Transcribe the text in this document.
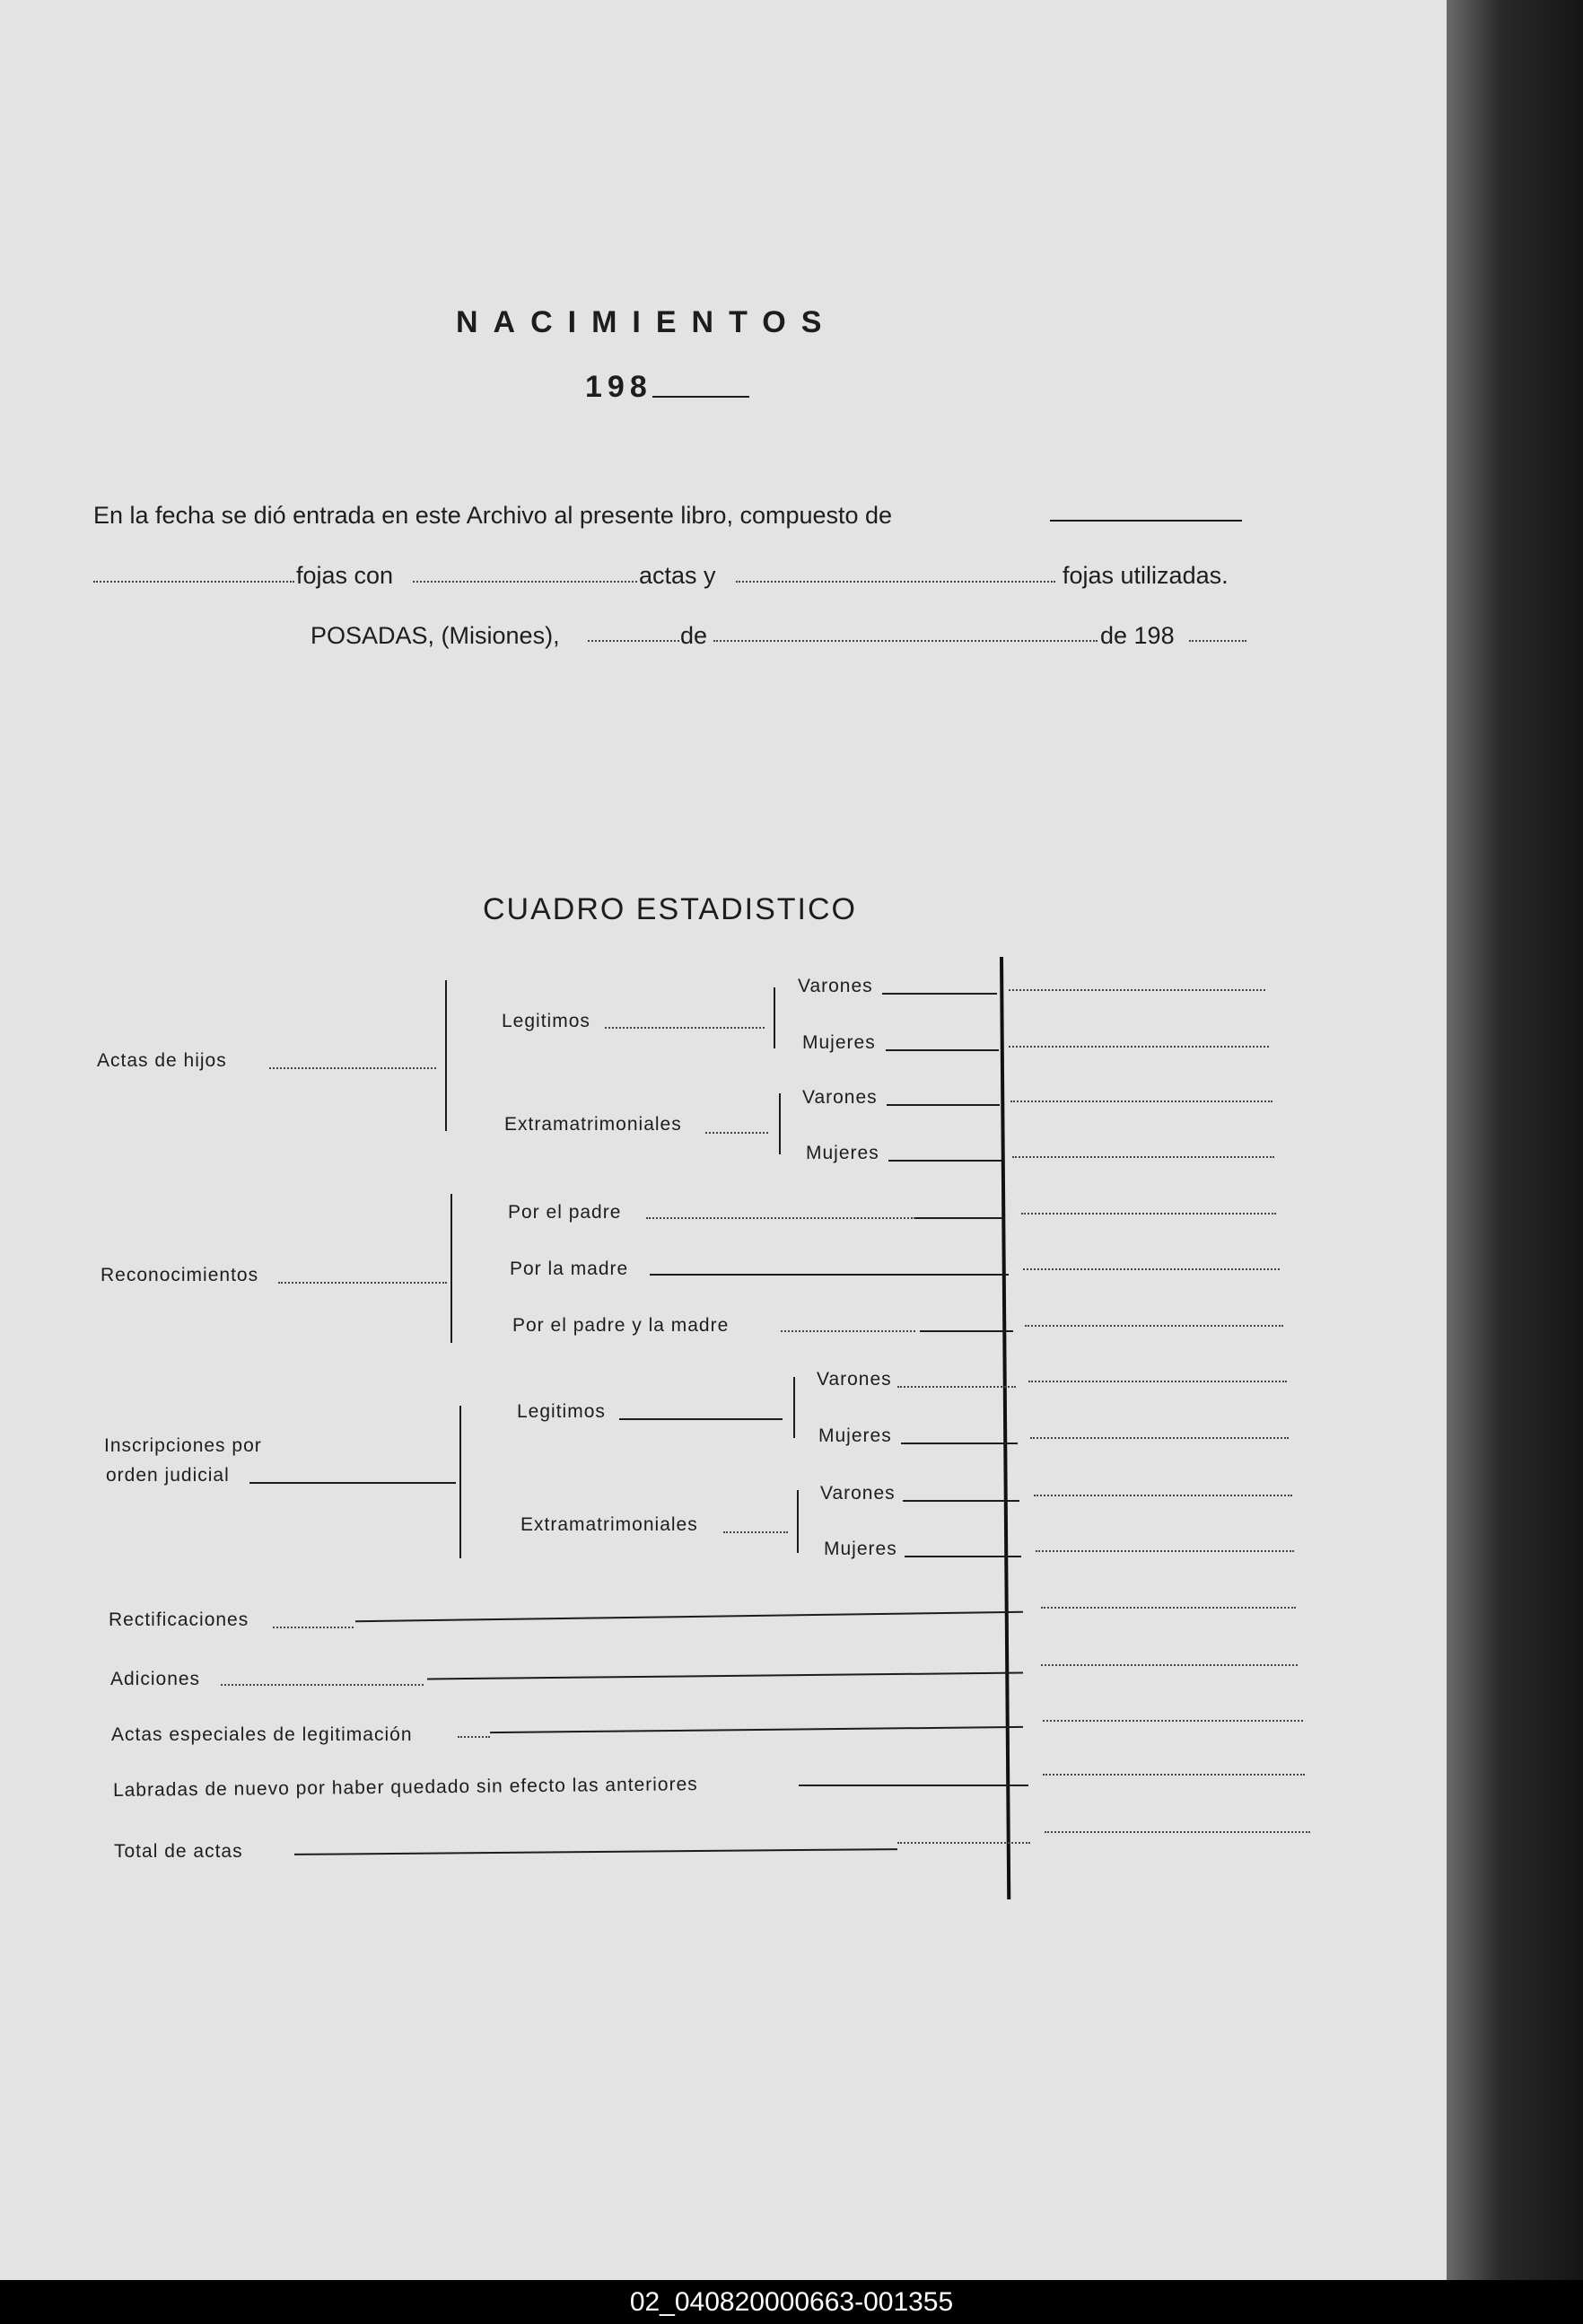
NACIMIENTOS
198
En la fecha se dió entrada en este Archivo al presente libro, compuesto de
fojas con	actas y	fojas utilizadas.
POSADAS, (Misiones),	de	de 198
CUADRO ESTADISTICO
Actas de hijos
Legitimos
Varones
Mujeres
Extramatrimoniales
Varones
Mujeres
Reconocimientos
Por el padre
Por la madre
Por el padre y la madre
Inscripciones por
orden judicial
Legitimos
Varones
Mujeres
Extramatrimoniales
Varones
Mujeres
Rectificaciones
Adiciones
Actas especiales de legitimación
Labradas de nuevo por haber quedado sin efecto las anteriores
Total de actas
02_040820000663-001355
